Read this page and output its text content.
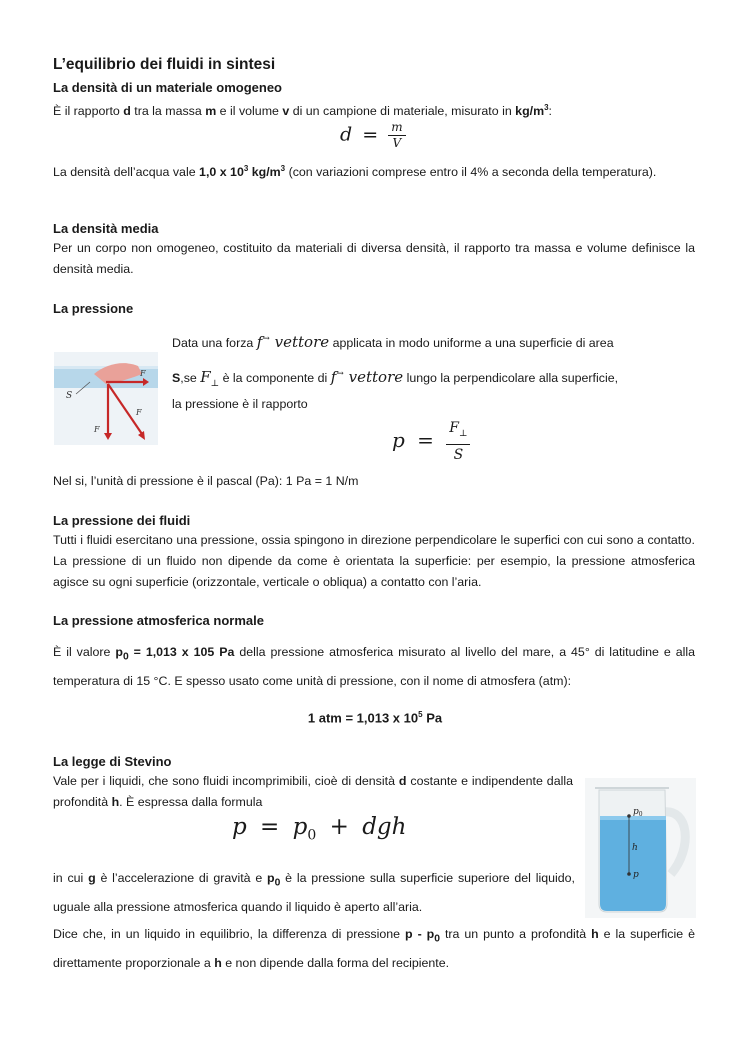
L’equilibrio dei fluidi in sintesi
La densità di un materiale omogeneo
È il rapporto d tra la massa m e il volume v di un campione di materiale, misurato in $kg/m^3$:
$d = \frac{m}{V}$
La densità dell’acqua vale 1,0 x $10^3$ $kg/m^3$ (con variazioni comprese entro il 4% a seconda della temperatura).
La densità media
Per un corpo non omogeneo, costituito da materiali di diversa densità, il rapporto tra massa e volume definisce la densità media.
La pressione
S
F
F
F
Data una forza f→ vettore applicata in modo uniforme a una superficie di area
S,se $F_\perp$ è la componente di f→ vettore lungo la perpendicolare alla superficie,
la pressione è il rapporto
$p = \frac{F_\perp}{S}$
Nel si, l’unità di pressione è il pascal (Pa): 1 Pa = 1 N/m
La pressione dei fluidi
Tutti i fluidi esercitano una pressione, ossia spingono in direzione perpendicolare le superfici con cui sono a contatto. La pressione di un fluido non dipende da come è orientata la superficie: per esempio, la pressione atmosferica agisce su ogni superficie (orizzontale, verticale o obliqua) a contatto con l’aria.
La pressione atmosferica normale
È il valore $p_0 = 1,013$ x 105 Pa della pressione atmosferica misurato al livello del mare, a 45° di latitudine e alla temperatura di 15 °C. E spesso usato come unità di pressione, con il nome di atmosfera (atm):
1 atm = 1,013 x $10^5$ Pa
La legge di Stevino
Vale per i liquidi, che sono fluidi incomprimibili, cioè di densità d costante e indipendente dalla profondità h. È espressa dalla formula
$p = p_0$ + dgh
in cui g è l’accelerazione di gravità e $p_0$ è la pressione sulla superficie superiore del liquido, uguale alla pressione atmosferica quando il liquido è aperto all’aria.
Dice che, in un liquido in equilibrio, la differenza di pressione p - $p_0$ tra un punto a profondità h e la superficie è direttamente proporzionale a h e non dipende dalla forma del recipiente.
$p_0$
h
p
